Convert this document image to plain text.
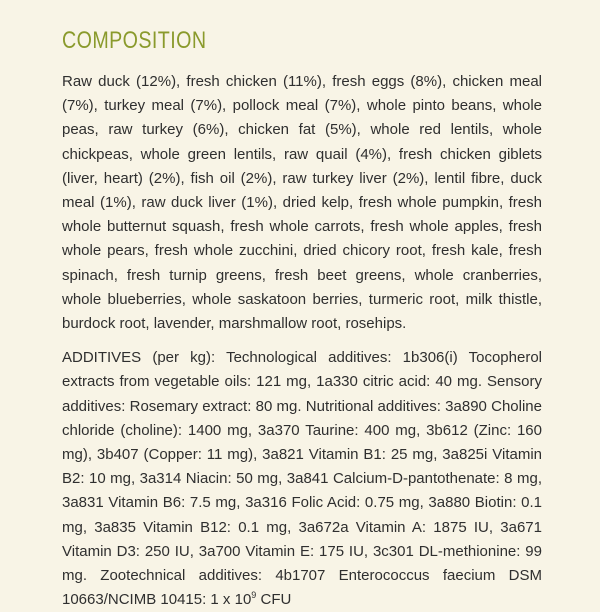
COMPOSITION

Raw duck (12%), fresh chicken (11%), fresh eggs (8%), chicken meal (7%), turkey meal (7%), pollock meal (7%), whole pinto beans, whole peas, raw turkey (6%), chicken fat (5%), whole red lentils, whole chickpeas, whole green lentils, raw quail (4%), fresh chicken giblets (liver, heart) (2%), fish oil (2%), raw turkey liver (2%), lentil fibre, duck meal (1%), raw duck liver (1%), dried kelp, fresh whole pumpkin, fresh whole butternut squash, fresh whole carrots, fresh whole apples, fresh whole pears, fresh whole zucchini, dried chicory root, fresh kale, fresh spinach, fresh turnip greens, fresh beet greens, whole cranberries, whole blueberries, whole saskatoon berries, turmeric root, milk thistle, burdock root, lavender, marshmallow root, rosehips.

ADDITIVES (per kg): Technological additives: 1b306(i) Tocopherol extracts from vegetable oils: 121 mg, 1a330 citric acid: 40 mg. Sensory additives: Rosemary extract: 80 mg. Nutritional additives: 3a890 Choline chloride (choline): 1400 mg, 3a370 Taurine: 400 mg, 3b612 (Zinc: 160 mg), 3b407 (Copper: 11 mg), 3a821 Vitamin B1: 25 mg, 3a825i Vitamin B2: 10 mg, 3a314 Niacin: 50 mg, 3a841 Calcium-D-pantothenate: 8 mg, 3a831 Vitamin B6: 7.5 mg, 3a316 Folic Acid: 0.75 mg, 3a880 Biotin: 0.1 mg, 3a835 Vitamin B12: 0.1 mg, 3a672a Vitamin A: 1875 IU, 3a671 Vitamin D3: 250 IU, 3a700 Vitamin E: 175 IU, 3c301 DL-methionine: 99 mg. Zootechnical additives: 4b1707 Enterococcus faecium DSM 10663/NCIMB 10415: 1 x $10^9$ CFU
